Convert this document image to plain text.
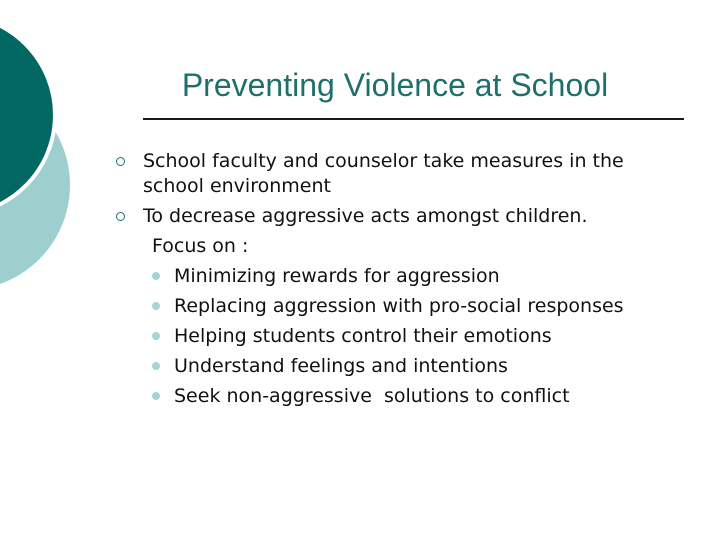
Preventing Violence at School
School faculty and counselor take measures in the
school environment
To decrease aggressive acts amongst children.
Focus on :
Minimizing rewards for aggression
Replacing aggression with pro-social responses
Helping students control their emotions
Understand feelings and intentions
Seek non-aggressive  solutions to conflict
